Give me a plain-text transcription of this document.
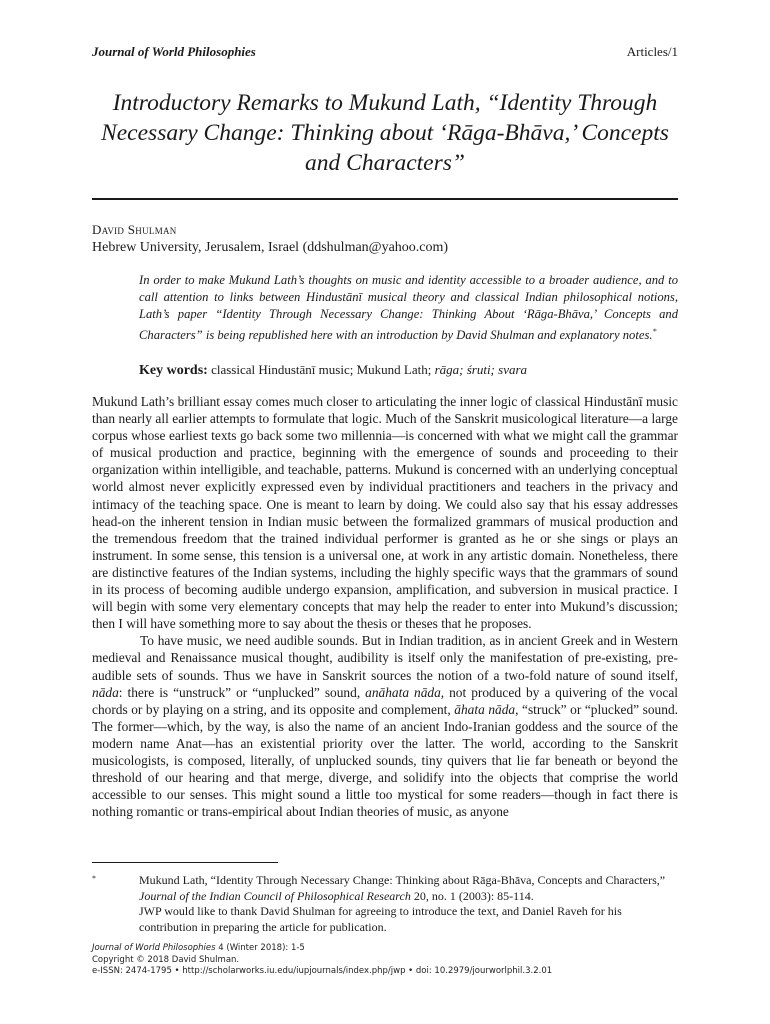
Journal of World Philosophies	Articles/1
Introductory Remarks to Mukund Lath, “Identity Through
Necessary Change: Thinking about ‘Rāga-Bhāva,’ Concepts
and Characters”
David Shulman
Hebrew University, Jerusalem, Israel (ddshulman@yahoo.com)

In order to make Mukund Lath’s thoughts on music and identity accessible to a broader audience, and to call attention to links between Hindustānī musical theory and classical Indian philosophical notions, Lath’s paper “Identity Through Necessary Change: Thinking About ‘Rāga-Bhāva,’ Concepts and Characters” is being republished here with an introduction by David Shulman and explanatory notes.*

Key words: classical Hindustānī music; Mukund Lath; rāga; śruti; svara

Mukund Lath’s brilliant essay comes much closer to articulating the inner logic of classical Hindustānī music than nearly all earlier attempts to formulate that logic. Much of the Sanskrit musicological literature—a large corpus whose earliest texts go back some two millennia—is concerned with what we might call the grammar of musical production and practice, beginning with the emergence of sounds and proceeding to their organization within intelligible, and teachable, patterns. Mukund is concerned with an underlying conceptual world almost never explicitly expressed even by individual practitioners and teachers in the privacy and intimacy of the teaching space. One is meant to learn by doing. We could also say that his essay addresses head-on the inherent tension in Indian music between the formalized grammars of musical production and the tremendous freedom that the trained individual performer is granted as he or she sings or plays an instrument. In some sense, this tension is a universal one, at work in any artistic domain. Nonetheless, there are distinctive features of the Indian systems, including the highly specific ways that the grammars of sound in its process of becoming audible undergo expansion, amplification, and subversion in musical practice. I will begin with some very elementary concepts that may help the reader to enter into Mukund’s discussion; then I will have something more to say about the thesis or theses that he proposes.

To have music, we need audible sounds. But in Indian tradition, as in ancient Greek and in Western medieval and Renaissance musical thought, audibility is itself only the manifestation of pre-existing, pre-audible sets of sounds. Thus we have in Sanskrit sources the notion of a two-fold nature of sound itself, nāda: there is “unstruck” or “unplucked” sound, anāhata nāda, not produced by a quivering of the vocal chords or by playing on a string, and its opposite and complement, āhata nāda, “struck” or “plucked” sound. The former—which, by the way, is also the name of an ancient Indo-Iranian goddess and the source of the modern name Anat—has an existential priority over the latter. The world, according to the Sanskrit musicologists, is composed, literally, of unplucked sounds, tiny quivers that lie far beneath or beyond the threshold of our hearing and that merge, diverge, and solidify into the objects that comprise the world accessible to our senses. This might sound a little too mystical for some readers—though in fact there is nothing romantic or trans-empirical about Indian theories of music, as anyone

*	Mukund Lath, “Identity Through Necessary Change: Thinking about Rāga-Bhāva, Concepts and Characters,” Journal of the Indian Council of Philosophical Research 20, no. 1 (2003): 85-114.

JWP would like to thank David Shulman for agreeing to introduce the text, and Daniel Raveh for his contribution in preparing the article for publication.

Journal of World Philosophies 4 (Winter 2018): 1-5
Copyright © 2018 David Shulman.
e-ISSN: 2474-1795 • http://scholarworks.iu.edu/iupjournals/index.php/jwp • doi: 10.2979/jourworlphil.3.2.01
